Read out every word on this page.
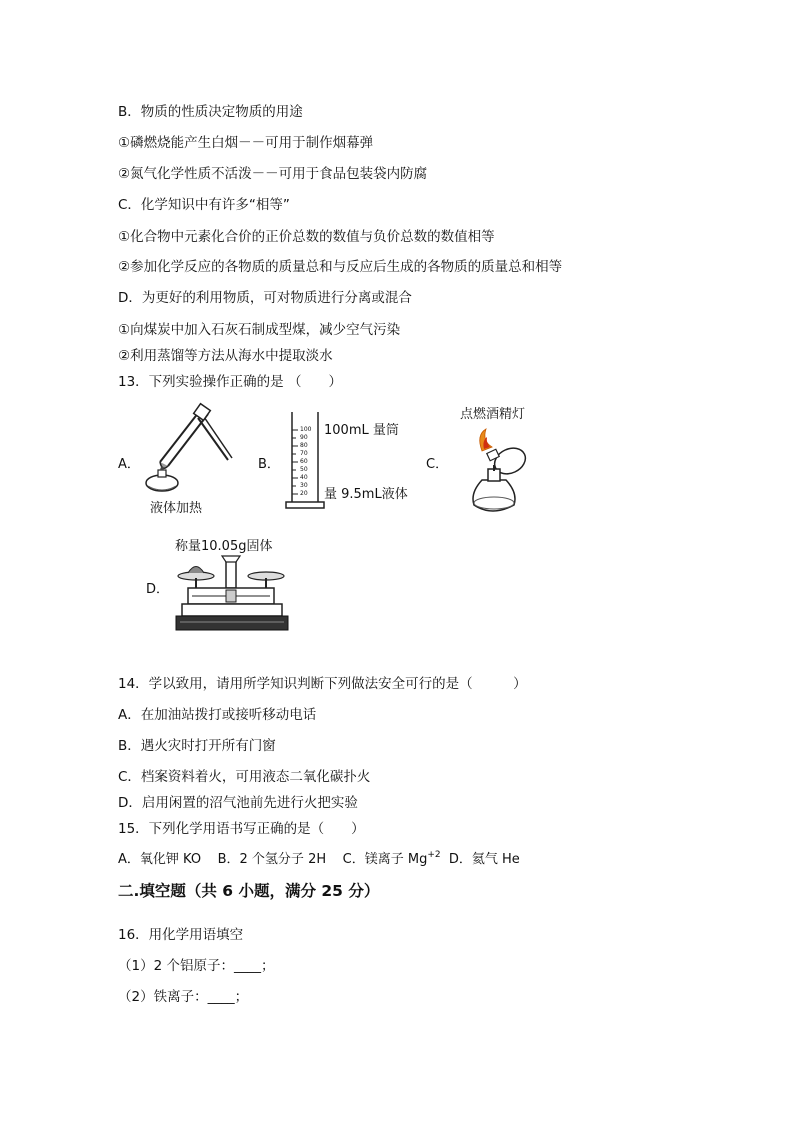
B．物质的性质决定物质的用途
①磷燃烧能产生白烟－－可用于制作烟幕弹
②氮气化学性质不活泼－－可用于食品包装袋内防腐
C．化学知识中有许多“相等”
①化合物中元素化合价的正价总数的数值与负价总数的数值相等
②参加化学反应的各物质的质量总和与反应后生成的各物质的质量总和相等
D．为更好的利用物质，可对物质进行分离或混合
①向煤炭中加入石灰石制成型煤，减少空气污染
②利用蒸馏等方法从海水中提取淡水
13．下列实验操作正确的是 （　　）
A．
液体加热
B．
100
90
80
70
60
50
40
30
20
100mL 量筒
量 9.5mL液体
C．
点燃酒精灯
称量10.05g固体
D．
14．学以致用，请用所学知识判断下列做法安全可行的是（　　　）
A．在加油站拨打或接听移动电话
B．遇火灾时打开所有门窗
C．档案资料着火，可用液态二氧化碳扑火
D．启用闲置的沼气池前先进行火把实验
15．下列化学用语书写正确的是（　　）
A．氧化钾 KO B．2 个氢分子 2H C．镁离子 $Mg^{+2}$ D．氦气 He
二.填空题（共 6 小题，满分 25 分）
16．用化学用语填空
（1）2 个铝原子：____；
（2）铁离子：____；
